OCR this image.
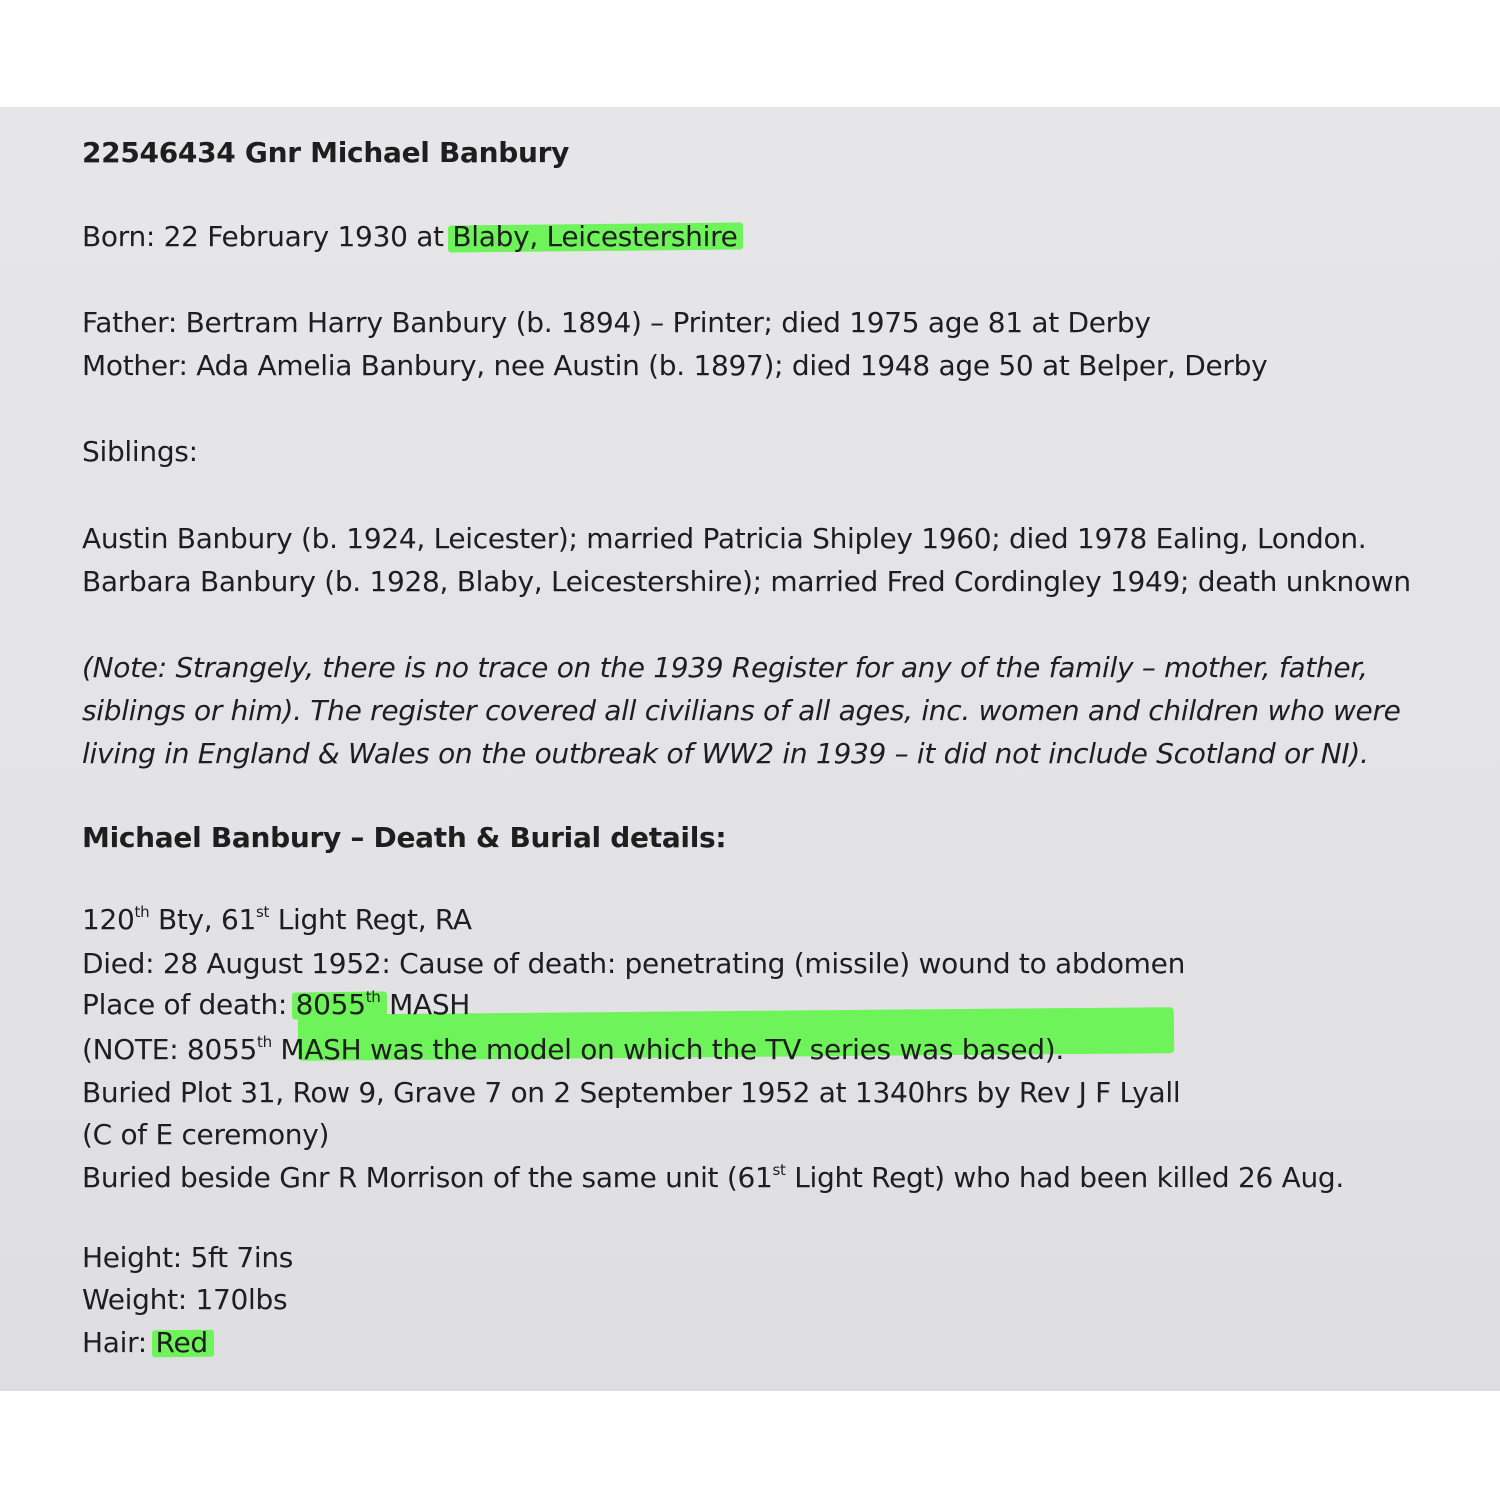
22546434 Gnr Michael Banbury
Born: 22 February 1930 at Blaby, Leicestershire
Father: Bertram Harry Banbury (b. 1894) – Printer; died 1975 age 81 at Derby
Mother: Ada Amelia Banbury, nee Austin (b. 1897); died 1948 age 50 at Belper, Derby
Siblings:
Austin Banbury (b. 1924, Leicester); married Patricia Shipley 1960; died 1978 Ealing, London.
Barbara Banbury (b. 1928, Blaby, Leicestershire); married Fred Cordingley 1949; death unknown
(Note: Strangely, there is no trace on the 1939 Register for any of the family – mother, father,
siblings or him). The register covered all civilians of all ages, inc. women and children who were
living in England & Wales on the outbreak of WW2 in 1939 – it did not include Scotland or NI).
Michael Banbury – Death & Burial details:
120th Bty, 61st Light Regt, RA
Died: 28 August 1952: Cause of death: penetrating (missile) wound to abdomen
Place of death: 8055th MASH
(NOTE: 8055th MASH was the model on which the TV series was based).
Buried Plot 31, Row 9, Grave 7 on 2 September 1952 at 1340hrs by Rev J F Lyall
(C of E ceremony)
Buried beside Gnr R Morrison of the same unit (61st Light Regt) who had been killed 26 Aug.
Height: 5ft 7ins
Weight: 170lbs
Hair: Red
